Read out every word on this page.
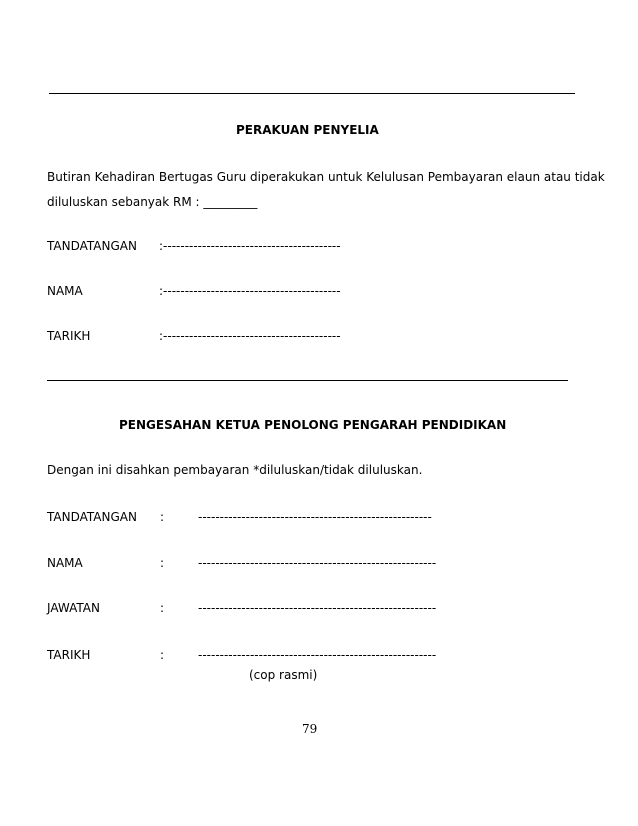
PERAKUAN PENYELIA
Butiran Kehadiran Bertugas Guru diperakukan untuk Kelulusan Pembayaran elaun atau tidak
diluluskan sebanyak RM : _________
TANDATANGAN :-----------------------------------------
NAMA	:-----------------------------------------
TARIKH	:-----------------------------------------
PENGESAHAN KETUA PENOLONG PENGARAH PENDIDIKAN
Dengan ini disahkan pembayaran *diluluskan/tidak diluluskan.
TANDATANGAN :	------------------------------------------------------
NAMA	:	-------------------------------------------------------
JAWATAN	:	-------------------------------------------------------
TARIKH	:	-------------------------------------------------------
(cop rasmi)
79
